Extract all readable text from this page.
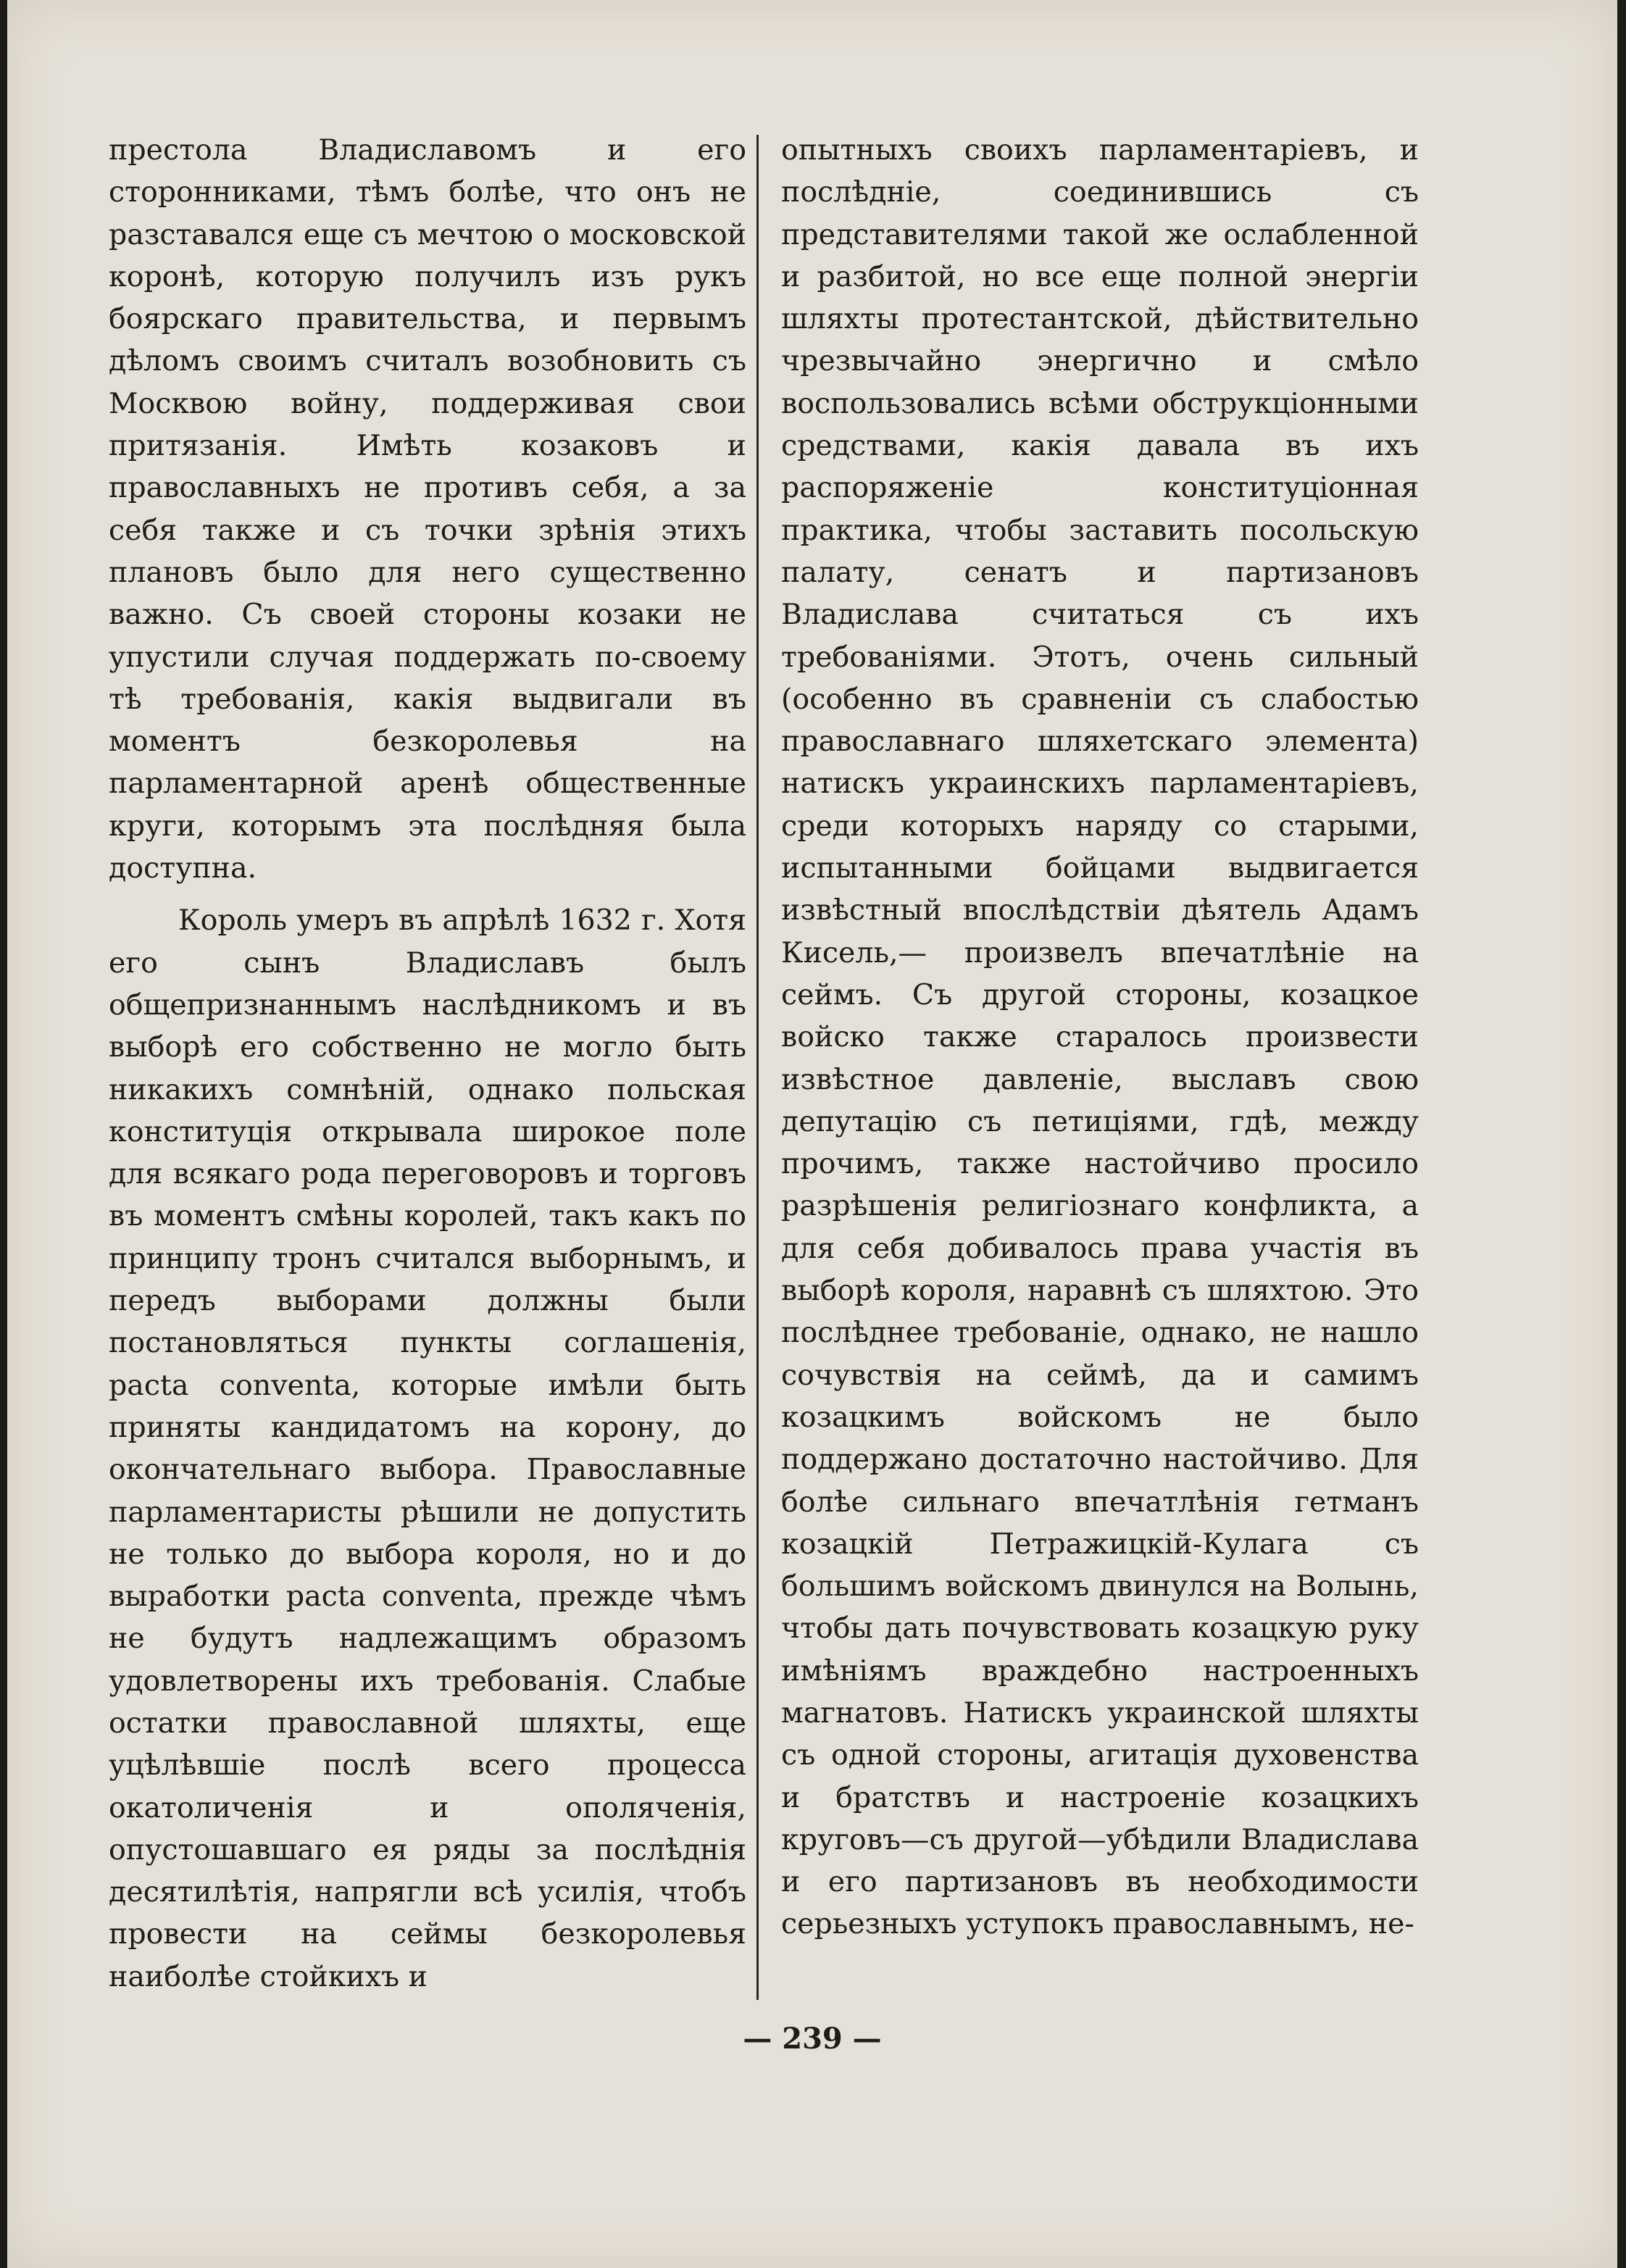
престола Владиславомъ и его сторонниками, тѣмъ болѣе, что онъ не разставался еще съ мечтою о московской коронѣ, которую получилъ изъ рукъ боярскаго правительства, и первымъ дѣломъ своимъ считалъ возобновить съ Москвою войну, поддерживая свои притязанія. Имѣть козаковъ и православныхъ не противъ себя, а за себя также и съ точки зрѣнія этихъ плановъ было для него существенно важно. Съ своей стороны козаки не упустили случая поддержать по-своему тѣ требованія, какія выдвигали въ моментъ безкоролевья на парламентарной аренѣ общественные круги, которымъ эта послѣдняя была доступна.

Король умеръ въ апрѣлѣ 1632 г. Хотя его сынъ Владиславъ былъ общепризнаннымъ наслѣдникомъ и въ выборѣ его собственно не могло быть никакихъ сомнѣній, однако польская конституція открывала широкое поле для всякаго рода переговоровъ и торговъ въ моментъ смѣны королей, такъ какъ по принципу тронъ считался выборнымъ, и передъ выборами должны были постановляться пункты соглашенія, pacta conventa, которые имѣли быть приняты кандидатомъ на корону, до окончательнаго выбора. Православные парламентаристы рѣшили не допустить не только до выбора короля, но и до выработки pacta conventa, прежде чѣмъ не будутъ надлежащимъ образомъ удовлетворены ихъ требованія. Слабые остатки православной шляхты, еще уцѣлѣвшіе послѣ всего процесса окатоличенія и ополяченія, опустошавшаго ея ряды за послѣднія десятилѣтія, напрягли всѣ усилія, чтобъ провести на сеймы безкоролевья наиболѣе стойкихъ и

опытныхъ своихъ парламентаріевъ, и послѣдніе, соединившись съ представителями такой же ослабленной и разбитой, но все еще полной энергіи шляхты протестантской, дѣйствительно чрезвычайно энергично и смѣло воспользовались всѣми обструкціонными средствами, какія давала въ ихъ распоряженіе конституціонная практика, чтобы заставить посольскую палату, сенатъ и партизановъ Владислава считаться съ ихъ требованіями. Этотъ, очень сильный (особенно въ сравненіи съ слабостью православнаго шляхетскаго элемента) натискъ украинскихъ парламентаріевъ, среди которыхъ наряду со старыми, испытанными бойцами выдвигается извѣстный впослѣдствіи дѣятель Адамъ Кисель,— произвелъ впечатлѣніе на сеймъ. Съ другой стороны, козацкое войско также старалось произвести извѣстное давленіе, выславъ свою депутацію съ петиціями, гдѣ, между прочимъ, также настойчиво просило разрѣшенія религіознаго конфликта, а для себя добивалось права участія въ выборѣ короля, наравнѣ съ шляхтою. Это послѣднее требованіе, однако, не нашло сочувствія на сеймѣ, да и самимъ козацкимъ войскомъ не было поддержано достаточно настойчиво. Для болѣе сильнаго впечатлѣнія гетманъ козацкій Петражицкій-Кулага съ большимъ войскомъ двинулся на Волынь, чтобы дать почувствовать козацкую руку имѣніямъ враждебно настроенныхъ магнатовъ. Натискъ украинской шляхты съ одной стороны, агитація духовенства и братствъ и настроеніе козацкихъ круговъ—съ другой—убѣдили Владислава и его партизановъ въ необходимости серьезныхъ уступокъ православнымъ, не-

— 239 —
